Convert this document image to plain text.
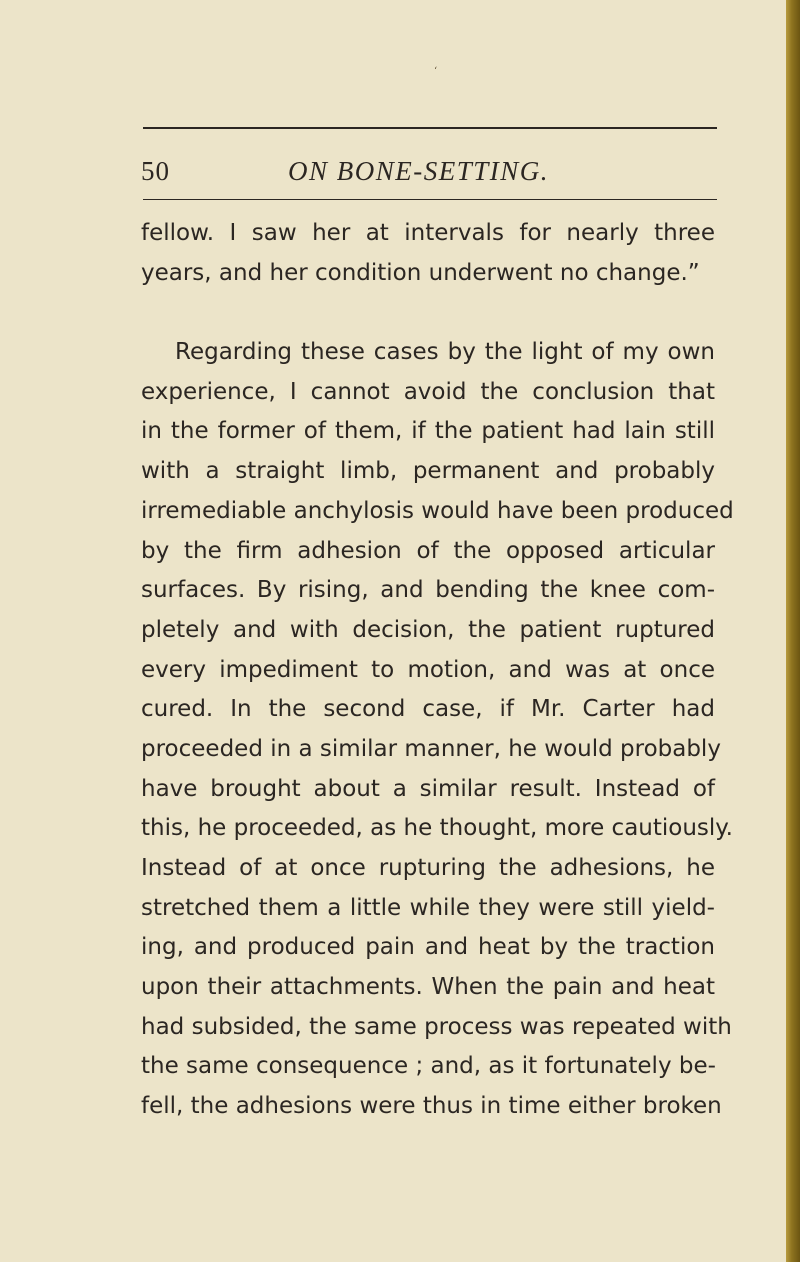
‘
50	ON BONE-SETTING.
fellow. I saw her at intervals for nearly three
years, and her condition underwent no change.”
Regarding these cases by the light of my own
experience, I cannot avoid the conclusion that
in the former of them, if the patient had lain still
with a straight limb, permanent and probably
irremediable anchylosis would have been produced
by the firm adhesion of the opposed articular
surfaces. By rising, and bending the knee com-
pletely and with decision, the patient ruptured
every impediment to motion, and was at once
cured. In the second case, if Mr. Carter had
proceeded in a similar manner, he would probably
have brought about a similar result. Instead of
this, he proceeded, as he thought, more cautiously.
Instead of at once rupturing the adhesions, he
stretched them a little while they were still yield-
ing, and produced pain and heat by the traction
upon their attachments. When the pain and heat
had subsided, the same process was repeated with
the same consequence ; and, as it fortunately be-
fell, the adhesions were thus in time either broken
